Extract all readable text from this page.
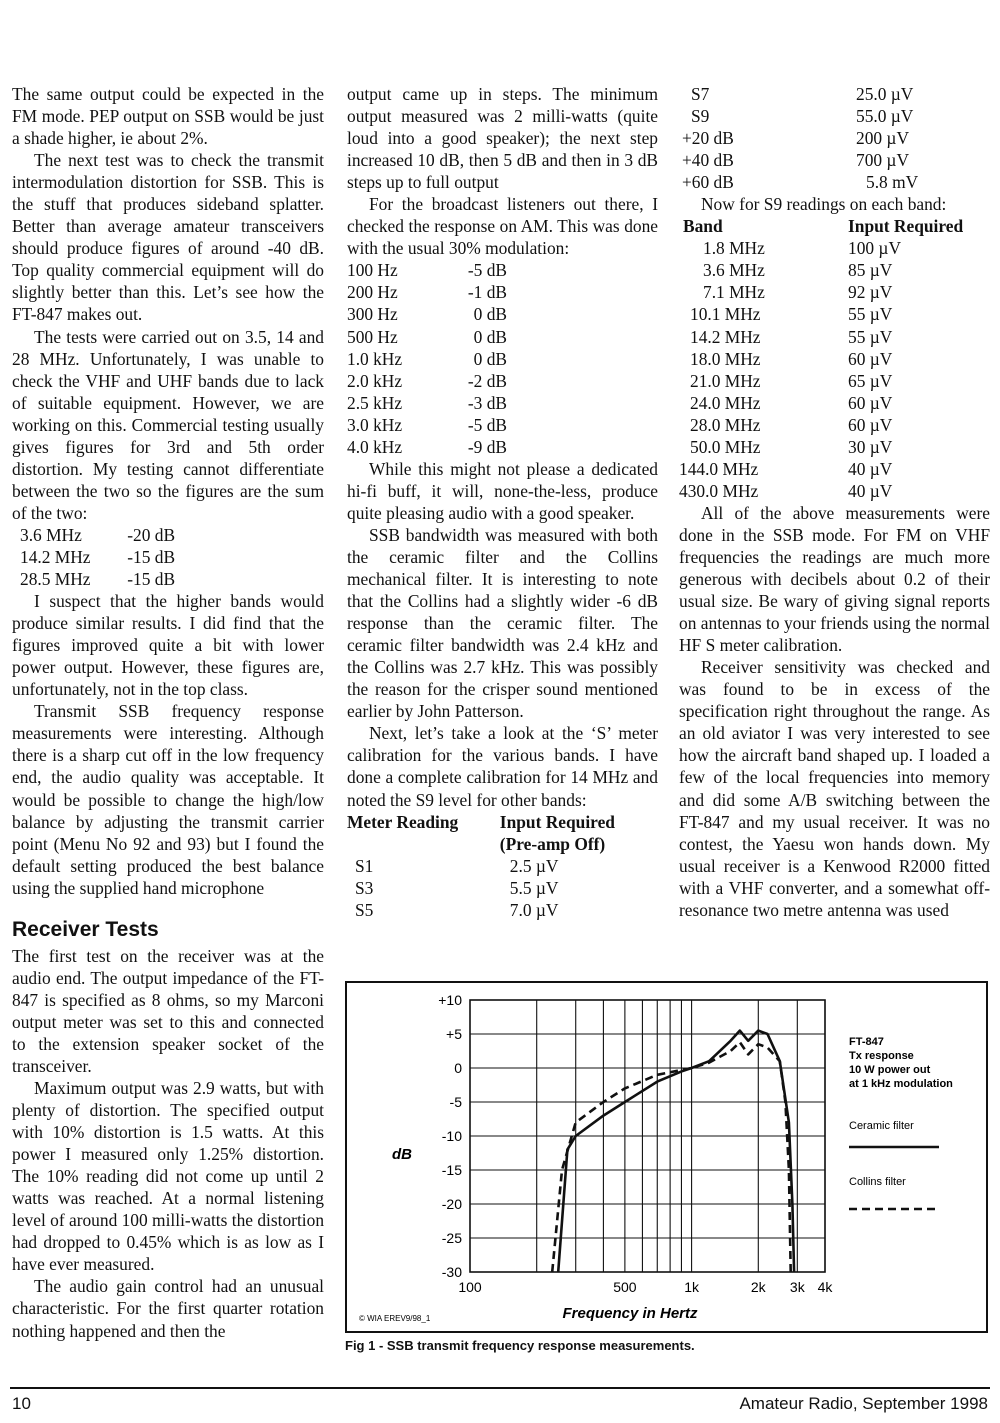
The same output could be expected in the FM mode. PEP output on SSB would be just a shade higher, ie about 2%.

The next test was to check the transmit intermodulation distortion for SSB. This is the stuff that produces sideband splatter. Better than average amateur transceivers should produce figures of around -40 dB. Top quality commercial equipment will do slightly better than this. Let’s see how the FT-847 makes out.

The tests were carried out on 3.5, 14 and 28 MHz. Unfortunately, I was unable to check the VHF and UHF bands due to lack of suitable equipment. However, we are working on this. Commercial testing usually gives figures for 3rd and 5th order distortion. My testing cannot differentiate between the two so the figures are the sum of the two:

3.6 MHz	-20 dB
14.2 MHz	-15 dB
28.5 MHz	-15 dB

I suspect that the higher bands would produce similar results. I did find that the figures improved quite a bit with lower power output. However, these figures are, unfortunately, not in the top class.

Transmit SSB frequency response measurements were interesting. Although there is a sharp cut off in the low frequency end, the audio quality was acceptable. It would be possible to change the high/low balance by adjusting the transmit carrier point (Menu No 92 and 93) but I found the default setting produced the best balance using the supplied hand microphone

Receiver Tests

The first test on the receiver was at the audio end. The output impedance of the FT-847 is specified as 8 ohms, so my Marconi output meter was set to this and connected to the extension speaker socket of the transceiver.

Maximum output was 2.9 watts, but with plenty of distortion. The specified output with 10% distortion is 1.5 watts. At this power I measured only 1.25% distortion. The 10% reading did not come up until 2 watts was reached. At a normal listening level of around 100 milli-watts the distortion had dropped to 0.45% which is as low as I have ever measured.

The audio gain control had an unusual characteristic. For the first quarter rotation nothing happened and then the

output came up in steps. The minimum output measured was 2 milli-watts (quite loud into a good speaker); the next step increased 10 dB, then 5 dB and then in 3 dB steps up to full output

For the broadcast listeners out there, I checked the response on AM. This was done with the usual 30% modulation:

100 Hz	-5 dB
200 Hz	-1 dB
300 Hz	0 dB
500 Hz	0 dB
1.0 kHz	0 dB
2.0 kHz	-2 dB
2.5 kHz	-3 dB
3.0 kHz	-5 dB
4.0 kHz	-9 dB

While this might not please a dedicated hi-fi buff, it will, none-the-less, produce quite pleasing audio with a good speaker.

SSB bandwidth was measured with both the ceramic filter and the Collins mechanical filter. It is interesting to note that the Collins had a slightly wider -6 dB response than the ceramic filter. The ceramic filter bandwidth was 2.4 kHz and the Collins was 2.7 kHz. This was possibly the reason for the crisper sound mentioned earlier by John Patterson.

Next, let’s take a look at the ‘S’ meter calibration for the various bands. I have done a complete calibration for 14 MHz and noted the S9 level for other bands:

Meter Reading	Input Required
	(Pre-amp Off)
S1	2.5 µV
S3	5.5 µV
S5	7.0 µV
S7	25.0 µV
S9	55.0 µV
+20 dB	200 µV
+40 dB	700 µV
+60 dB	5.8 mV

Now for S9 readings on each band:

Band	Input Required
1.8 MHz	100 µV
3.6 MHz	85 µV
7.1 MHz	92 µV
10.1 MHz	55 µV
14.2 MHz	55 µV
18.0 MHz	60 µV
21.0 MHz	65 µV
24.0 MHz	60 µV
28.0 MHz	60 µV
50.0 MHz	30 µV
144.0 MHz	40 µV
430.0 MHz	40 µV

All of the above measurements were done in the SSB mode. For FM on VHF frequencies the readings are much more generous with decibels about 0.2 of their usual size. Be wary of giving signal reports on antennas to your friends using the normal HF S meter calibration.

Receiver sensitivity was checked and was found to be in excess of the specification right throughout the range. As an old aviator I was very interested to see how the aircraft band shaped up. I loaded a few of the local frequencies into memory and did some A/B switching between the FT-847 and my usual receiver. It was no contest, the Yaesu won hands down. My usual receiver is a Kenwood R2000 fitted with a VHF converter, and a somewhat off-resonance two metre antenna was used

+10
+5
0
-5
-10
-15
-20
-25
-30
100	500	1k	2k 3k 4k
dB
Frequency in Hertz
© WIA EREV9/98_1
FT-847
Tx response
10 W power out
at 1 kHz modulation
Ceramic filter
Collins filter
Fig 1 - SSB transmit frequency response measurements.
10	Amateur Radio, September 1998
